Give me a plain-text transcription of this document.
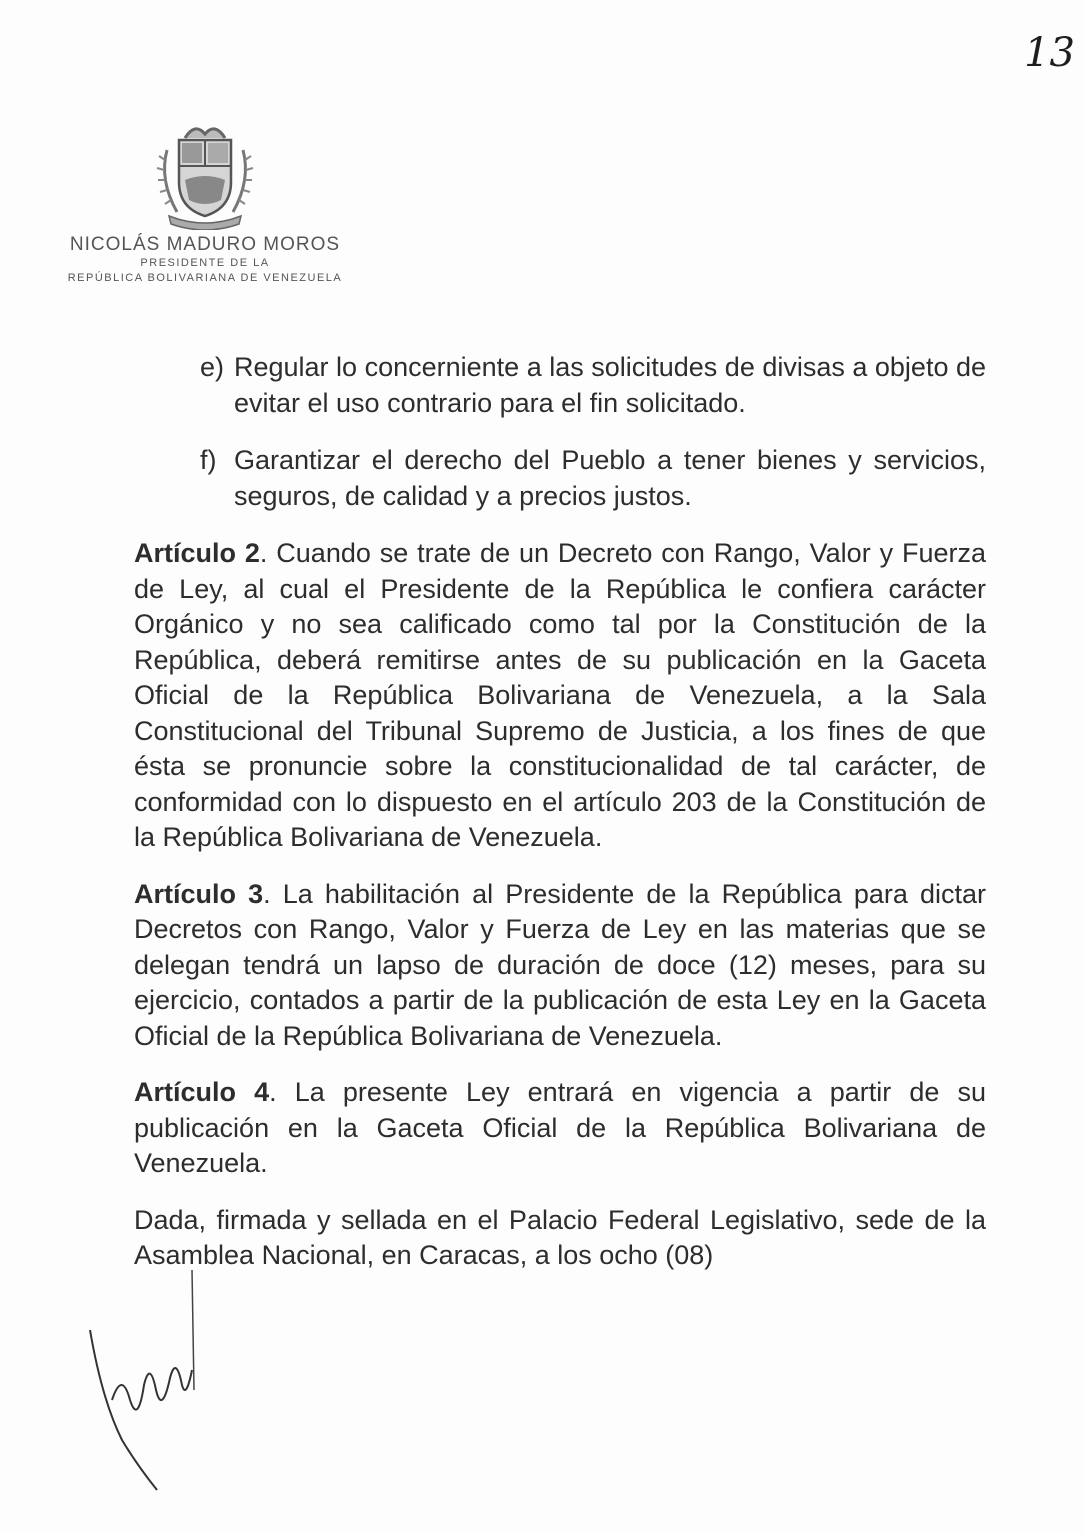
13
NICOLÁS MADURO MOROS
PRESIDENTE DE LA
REPÚBLICA BOLIVARIANA DE VENEZUELA
e) Regular lo concerniente a las solicitudes de divisas a objeto de evitar el uso contrario para el fin solicitado.
f) Garantizar el derecho del Pueblo a tener bienes y servicios, seguros, de calidad y a precios justos.
Artículo 2. Cuando se trate de un Decreto con Rango, Valor y Fuerza de Ley, al cual el Presidente de la República le confiera carácter Orgánico y no sea calificado como tal por la Constitución de la República, deberá remitirse antes de su publicación en la Gaceta Oficial de la República Bolivariana de Venezuela, a la Sala Constitucional del Tribunal Supremo de Justicia, a los fines de que ésta se pronuncie sobre la constitucionalidad de tal carácter, de conformidad con lo dispuesto en el artículo 203 de la Constitución de la República Bolivariana de Venezuela.
Artículo 3. La habilitación al Presidente de la República para dictar Decretos con Rango, Valor y Fuerza de Ley en las materias que se delegan tendrá un lapso de duración de doce (12) meses, para su ejercicio, contados a partir de la publicación de esta Ley en la Gaceta Oficial de la República Bolivariana de Venezuela.
Artículo 4. La presente Ley entrará en vigencia a partir de su publicación en la Gaceta Oficial de la República Bolivariana de Venezuela.
Dada, firmada y sellada en el Palacio Federal Legislativo, sede de la Asamblea Nacional, en Caracas, a los ocho (08)
